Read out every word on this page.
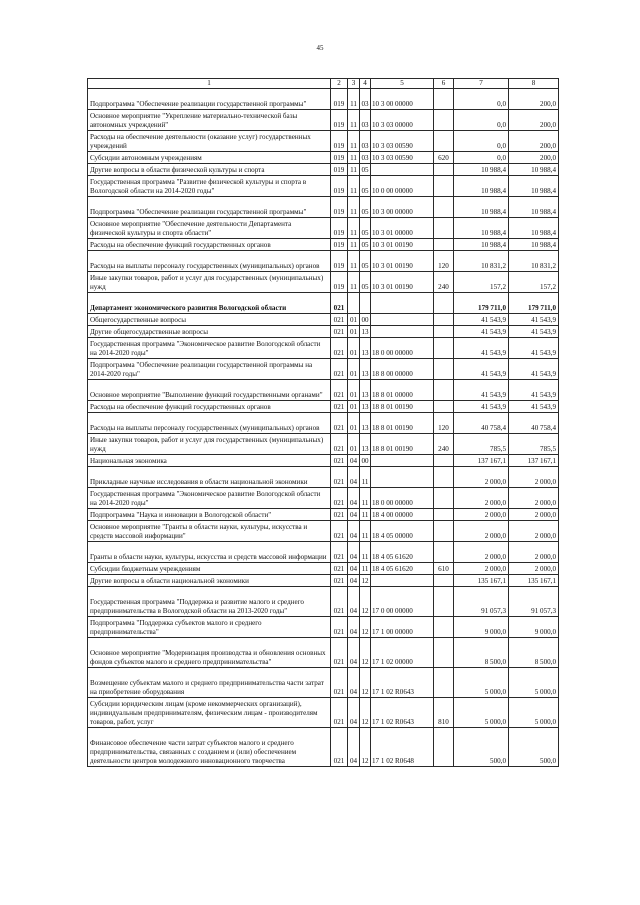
45
1	2	3	4	5	6	7	8
Подпрограмма "Обеспечение реализации государственной программы"	019	11	03	10 3 00 00000		0,0	200,0
Основное мероприятие "Укрепление материально-технической базы автономных учреждений"	019	11	03	10 3 03 00000		0,0	200,0
Расходы на обеспечение деятельности (оказание услуг) государственных учреждений	019	11	03	10 3 03 00590		0,0	200,0
Субсидии автономным учреждениям	019	11	03	10 3 03 00590	620	0,0	200,0
Другие вопросы в области физической культуры и спорта	019	11	05			10 988,4	10 988,4
Государственная программа "Развитие физической культуры и спорта в Вологодской области на 2014-2020 годы"	019	11	05	10 0 00 00000		10 988,4	10 988,4
Подпрограмма "Обеспечение реализации государственной программы"	019	11	05	10 3 00 00000		10 988,4	10 988,4
Основное мероприятие "Обеспечение деятельности Департамента физической культуры и спорта области"	019	11	05	10 3 01 00000		10 988,4	10 988,4
Расходы на обеспечение функций государственных органов	019	11	05	10 3 01 00190		10 988,4	10 988,4
Расходы на выплаты персоналу государственных (муниципальных) органов	019	11	05	10 3 01 00190	120	10 831,2	10 831,2
Иные закупки товаров, работ и услуг для государственных (муниципальных) нужд	019	11	05	10 3 01 00190	240	157,2	157,2
Департамент экономического развития Вологодской области	021					179 711,0	179 711,0
Общегосударственные вопросы	021	01	00			41 543,9	41 543,9
Другие общегосударственные вопросы	021	01	13			41 543,9	41 543,9
Государственная программа "Экономическое развитие Вологодской области на 2014-2020 годы"	021	01	13	18 0 00 00000		41 543,9	41 543,9
Подпрограмма "Обеспечение реализации государственной программы на 2014-2020 годы"	021	01	13	18 8 00 00000		41 543,9	41 543,9
Основное мероприятие "Выполнение функций государственными органами"	021	01	13	18 8 01 00000		41 543,9	41 543,9
Расходы на обеспечение функций государственных органов	021	01	13	18 8 01 00190		41 543,9	41 543,9
Расходы на выплаты персоналу государственных (муниципальных) органов	021	01	13	18 8 01 00190	120	40 758,4	40 758,4
Иные закупки товаров, работ и услуг для государственных (муниципальных) нужд	021	01	13	18 8 01 00190	240	785,5	785,5
Национальная экономика	021	04	00			137 167,1	137 167,1
Прикладные научные исследования в области национальной экономики	021	04	11			2 000,0	2 000,0
Государственная программа "Экономическое развитие Вологодской области на 2014-2020 годы"	021	04	11	18 0 00 00000		2 000,0	2 000,0
Подпрограмма "Наука и инновации в Вологодской области"	021	04	11	18 4 00 00000		2 000,0	2 000,0
Основное мероприятие "Гранты в области науки, культуры, искусства и средств массовой информации"	021	04	11	18 4 05 00000		2 000,0	2 000,0
Гранты в области науки, культуры, искусства и средств массовой информации	021	04	11	18 4 05 61620		2 000,0	2 000,0
Субсидии бюджетным учреждениям	021	04	11	18 4 05 61620	610	2 000,0	2 000,0
Другие вопросы в области национальной экономики	021	04	12			135 167,1	135 167,1
Государственная программа "Поддержка и развитие малого и среднего предпринимательства в Вологодской области на 2013-2020 годы"	021	04	12	17 0 00 00000		91 057,3	91 057,3
Подпрограмма "Поддержка субъектов малого и среднего предпринимательства"	021	04	12	17 1 00 00000		9 000,0	9 000,0
Основное мероприятие "Модернизация производства и обновления основных фондов субъектов малого и среднего предпринимательства"	021	04	12	17 1 02 00000		8 500,0	8 500,0
Возмещение субъектам малого и среднего предпринимательства части затрат на приобретение оборудования	021	04	12	17 1 02 R0643		5 000,0	5 000,0
Субсидии юридическим лицам (кроме некоммерческих организаций), индивидуальным предпринимателям, физическим лицам - производителям товаров, работ, услуг	021	04	12	17 1 02 R0643	810	5 000,0	5 000,0
Финансовое обеспечение части затрат субъектов малого и среднего предпринимательства, связанных с созданием и (или) обеспечением деятельности центров молодежного инновационного творчества	021	04	12	17 1 02 R0648		500,0	500,0
